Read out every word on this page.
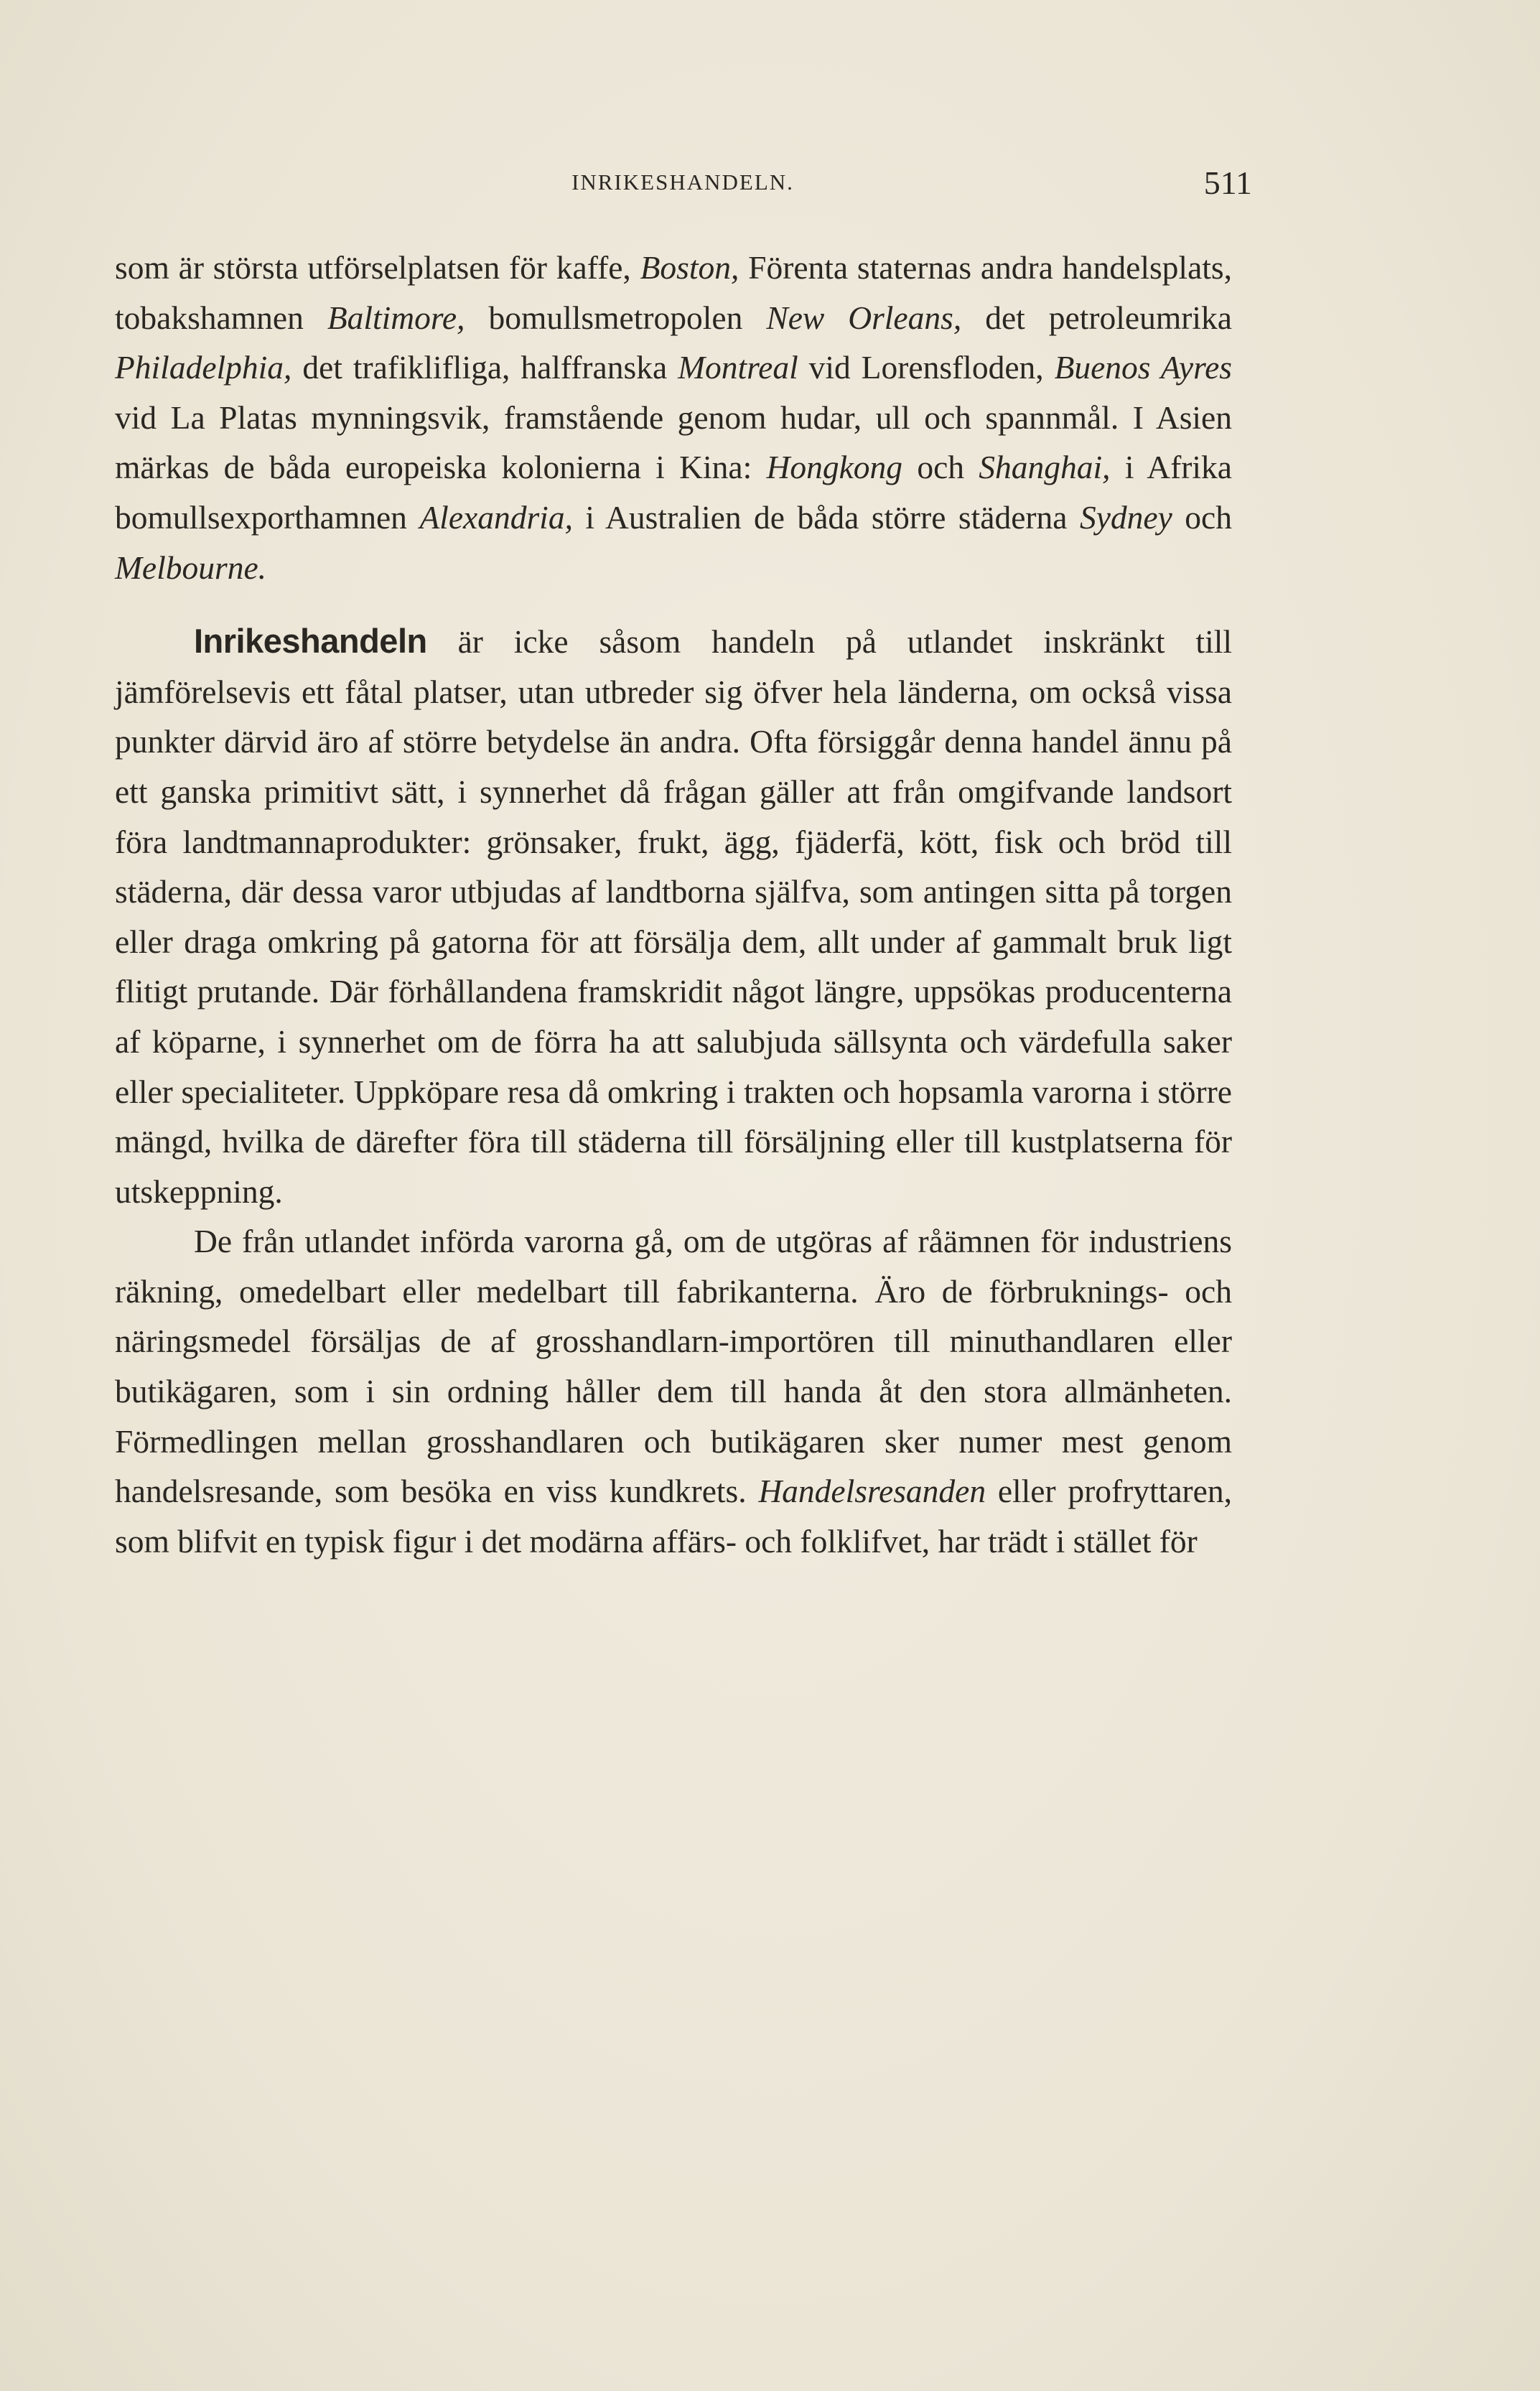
INRIKESHANDELN.	511

som är största utförselplatsen för kaffe, Boston, Förenta staternas andra handelsplats, tobakshamnen Baltimore, bomullsmetropolen New Orleans, det petroleumrika Philadelphia, det trafiklifliga, halffranska Montreal vid Lorensfloden, Buenos Ayres vid La Platas mynningsvik, framstående genom hudar, ull och spannmål. I Asien märkas de båda europeiska kolonierna i Kina: Hongkong och Shanghai, i Afrika bomullsexporthamnen Alexandria, i Australien de båda större städerna Sydney och Melbourne.

Inrikeshandeln är icke såsom handeln på utlandet inskränkt till jämförelsevis ett fåtal platser, utan utbreder sig öfver hela länderna, om också vissa punkter därvid äro af större betydelse än andra. Ofta försiggår denna handel ännu på ett ganska primitivt sätt, i synnerhet då frågan gäller att från omgifvande landsort föra landtmannaprodukter: grönsaker, frukt, ägg, fjäderfä, kött, fisk och bröd till städerna, där dessa varor utbjudas af landtborna själfva, som antingen sitta på torgen eller draga omkring på gatorna för att försälja dem, allt under af gammalt bruk ligt flitigt prutande. Där förhållandena framskridit något längre, uppsökas producenterna af köparne, i synnerhet om de förra ha att salubjuda sällsynta och värdefulla saker eller specialiteter. Uppköpare resa då omkring i trakten och hopsamla varorna i större mängd, hvilka de därefter föra till städerna till försäljning eller till kustplatserna för utskeppning.

De från utlandet införda varorna gå, om de utgöras af råämnen för industriens räkning, omedelbart eller medelbart till fabrikanterna. Äro de förbruknings- och näringsmedel försäljas de af grosshandlarn-importören till minuthandlaren eller butikägaren, som i sin ordning håller dem till handa åt den stora allmänheten. Förmedlingen mellan grosshandlaren och butikägaren sker numer mest genom handelsresande, som besöka en viss kundkrets. Handelsresanden eller profryttaren, som blifvit en typisk figur i det modärna affärs- och folklifvet, har trädt i stället för
